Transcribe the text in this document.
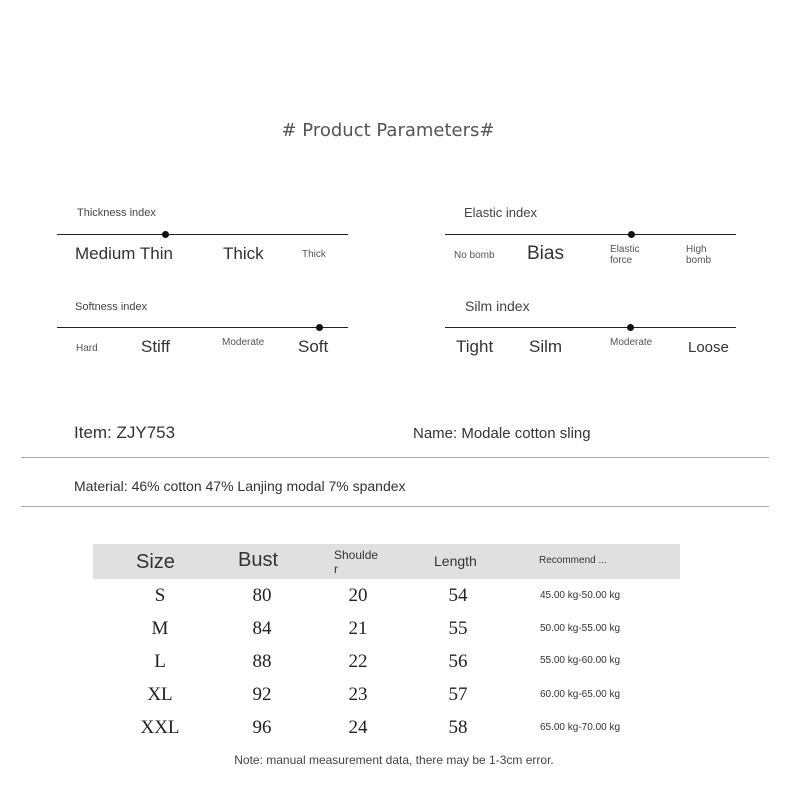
# Product Parameters#
Thickness index
Medium Thin	Thick	Thick
Elastic index
No bomb Bias	Elastic force
High bomb
Softness index
Hard	Stiff	Moderate Soft
Silm index
Tight Silm	Moderate Loose
Item: ZJY753	Name: Modale cotton sling
Material: 46% cotton 47% Lanjing modal 7% spandex
Size	Bust	Shoulder	Length	Recommend ...
S	80	20	54	45.00 kg-50.00 kg
M	84	21	55	50.00 kg-55.00 kg
L	88	22	56	55.00 kg-60.00 kg
XL	92	23	57	60.00 kg-65.00 kg
XXL	96	24	58	65.00 kg-70.00 kg
Note: manual measurement data, there may be 1-3cm error.
